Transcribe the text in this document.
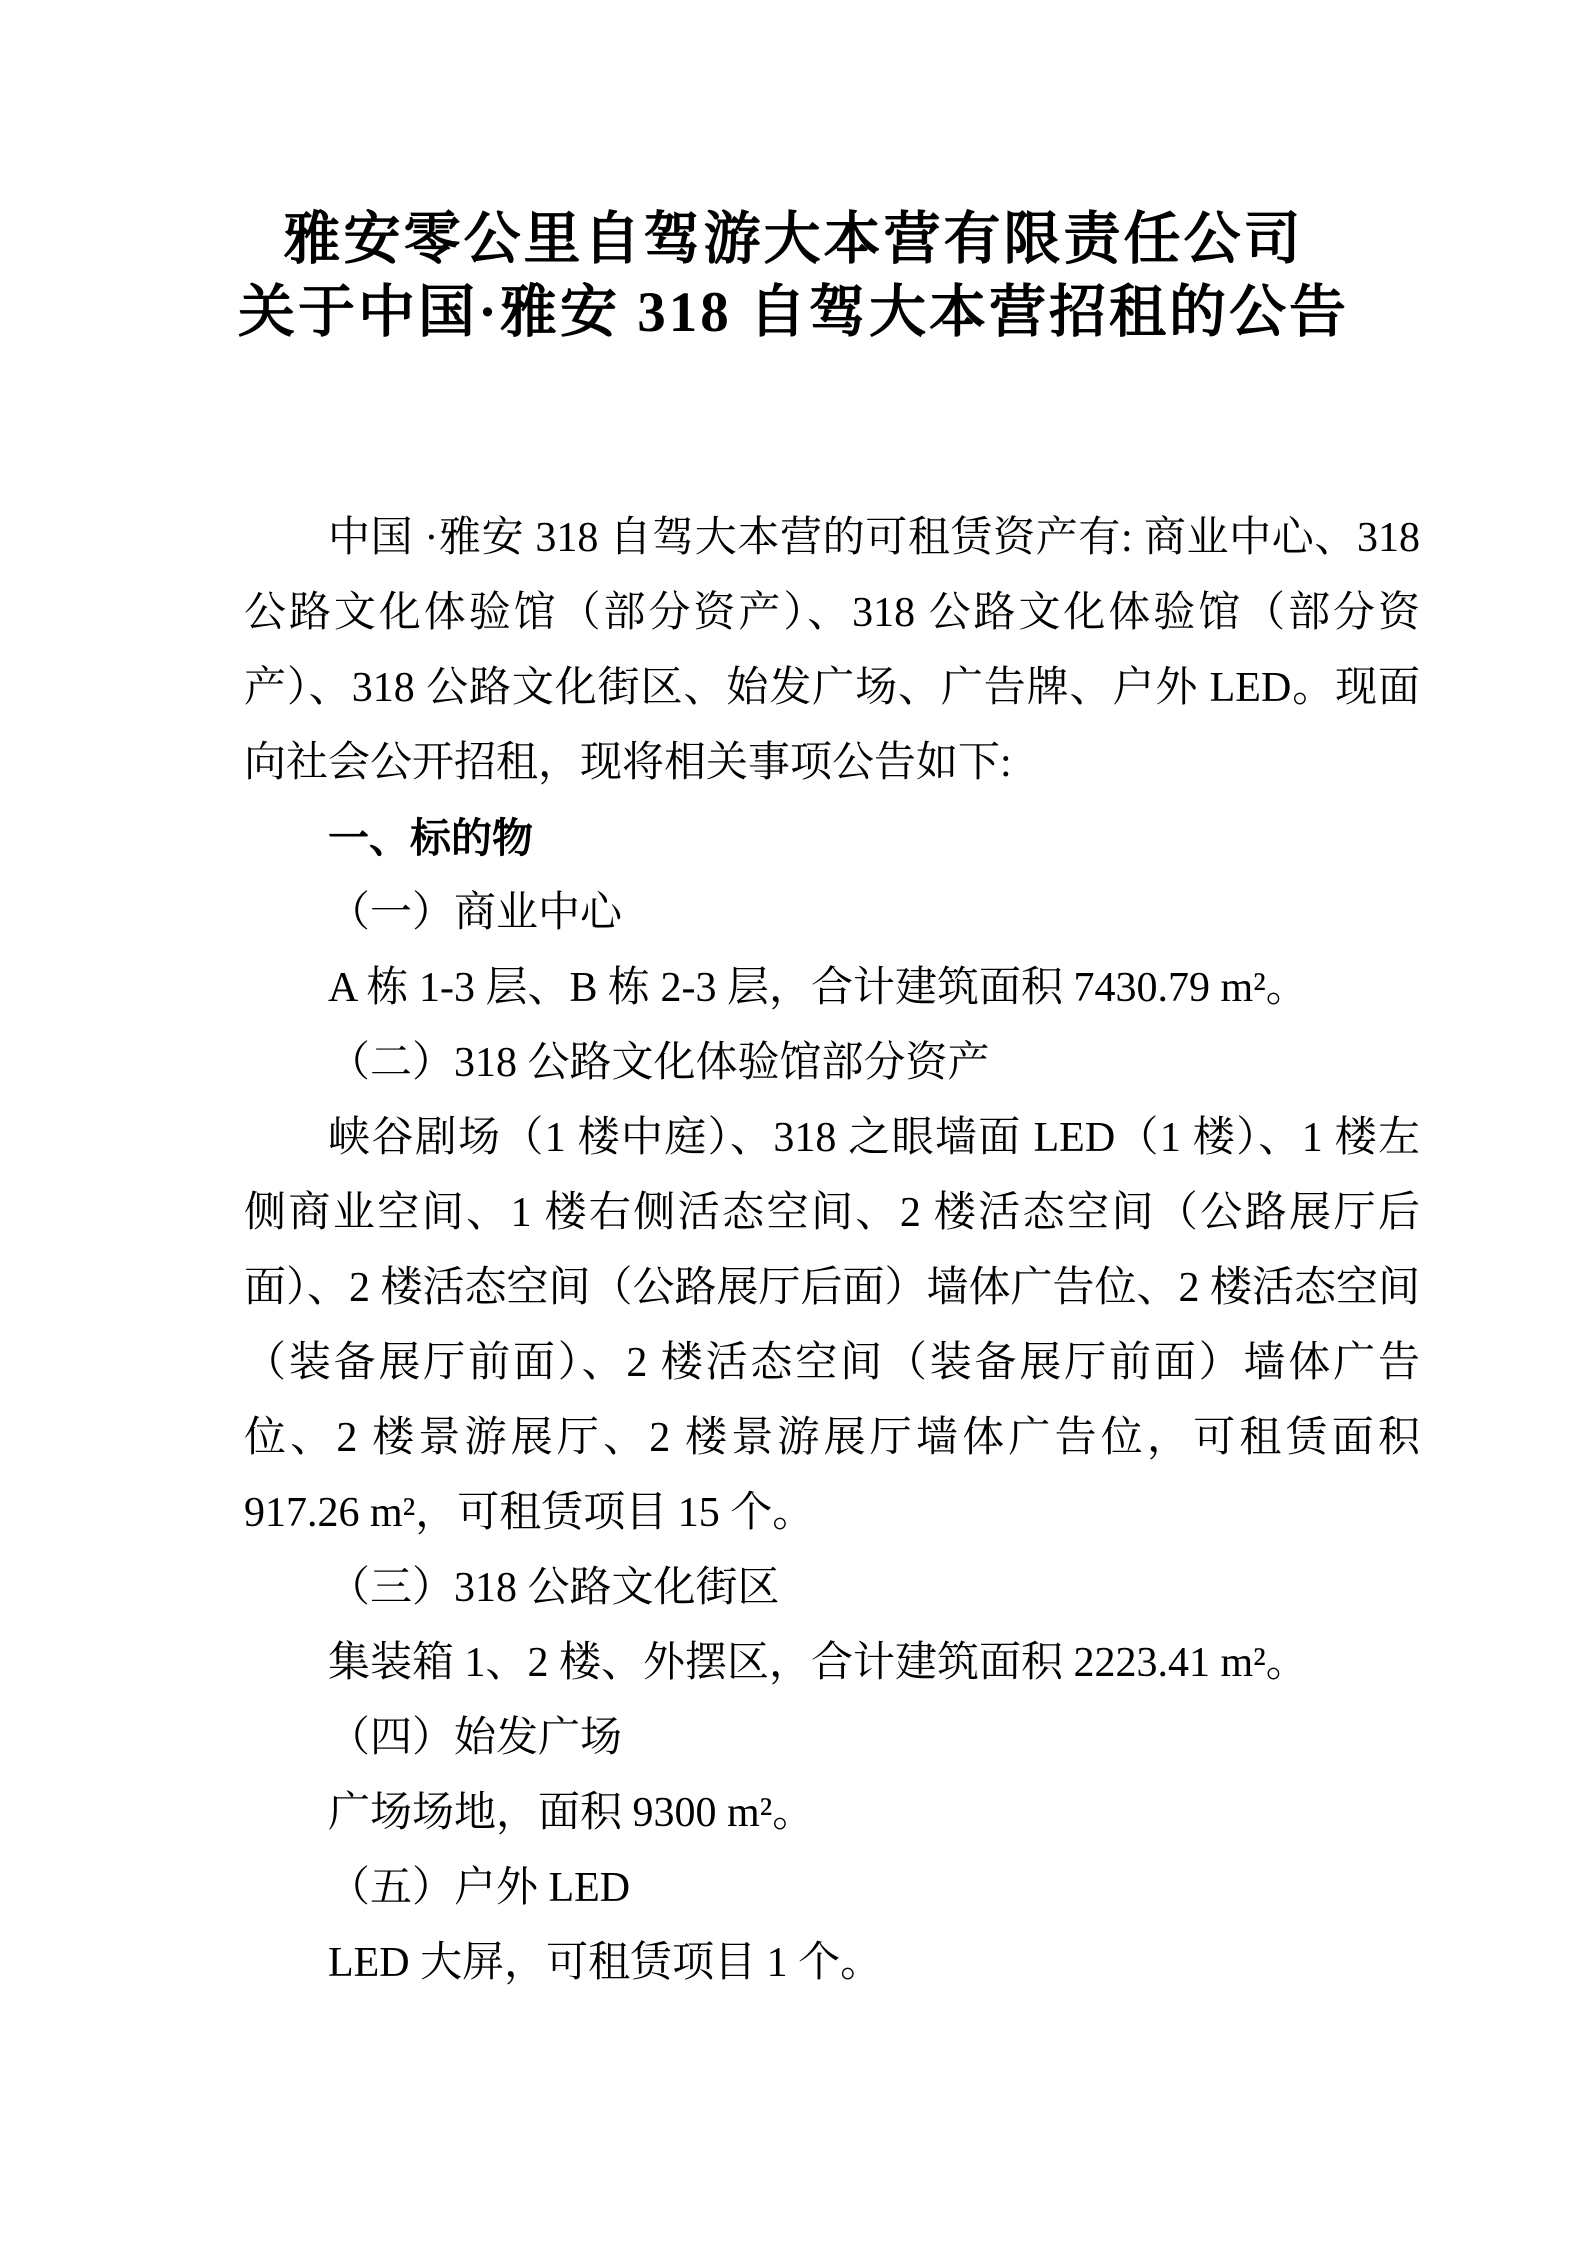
雅安零公里自驾游大本营有限责任公司
关于中国·雅安 318 自驾大本营招租的公告

中国 ·雅安 318 自驾大本营的可租赁资产有: 商业中心、318 公路文化体验馆（部分资产）、318 公路文化体验馆（部分资产）、318 公路文化街区、始发广场、广告牌、户外 LED。现面向社会公开招租，现将相关事项公告如下:

一、标的物

（一）商业中心

A 栋 1-3 层、B 栋 2-3 层，合计建筑面积 7430.79 m²。

（二）318 公路文化体验馆部分资产

峡谷剧场（1 楼中庭）、318 之眼墙面 LED（1 楼）、1 楼左侧商业空间、1 楼右侧活态空间、2 楼活态空间（公路展厅后面）、2 楼活态空间（公路展厅后面）墙体广告位、2 楼活态空间（装备展厅前面）、2 楼活态空间（装备展厅前面）墙体广告位、2 楼景游展厅、2 楼景游展厅墙体广告位，可租赁面积 917.26 m²，可租赁项目 15 个。

（三）318 公路文化街区

集装箱 1、2 楼、外摆区，合计建筑面积 2223.41 m²。

（四）始发广场

广场场地，面积 9300 m²。

（五）户外 LED

LED 大屏，可租赁项目 1 个。
